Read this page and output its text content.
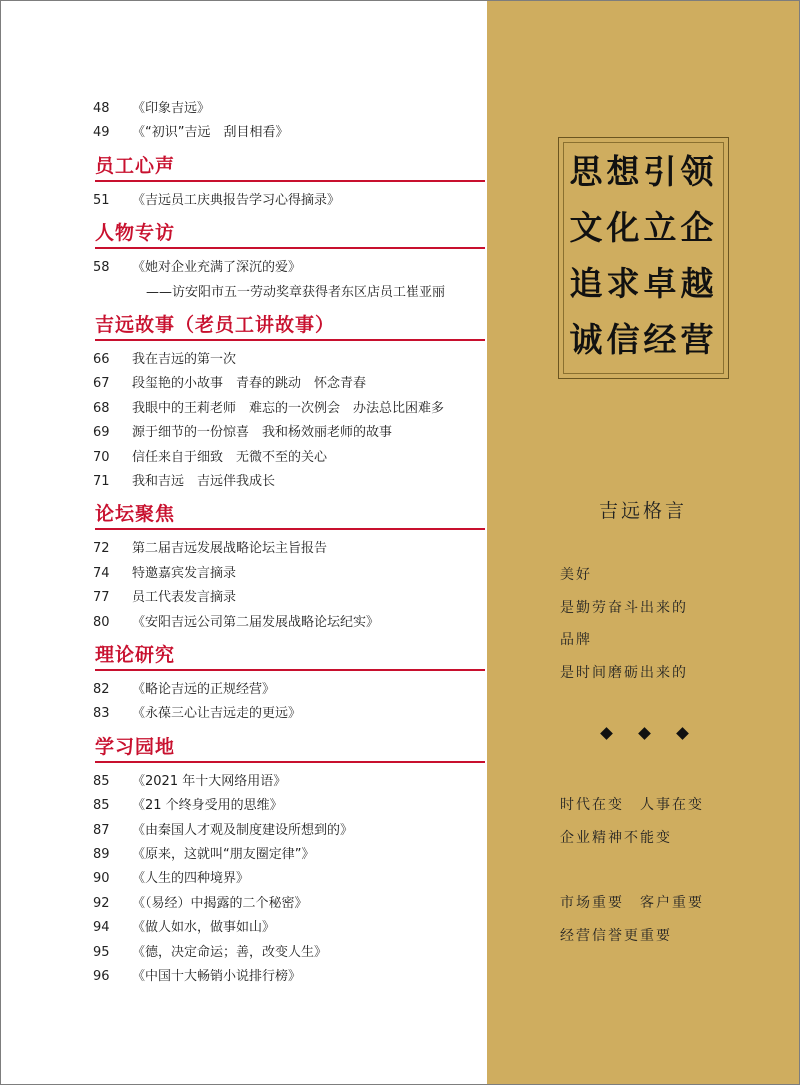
48	《印象吉远》
49	《“初识”吉远　刮目相看》
员工心声
51	《吉远员工庆典报告学习心得摘录》
人物专访
58	《她对企业充满了深沉的爱》
——访安阳市五一劳动奖章获得者东区店员工崔亚丽
吉远故事（老员工讲故事）
66	我在吉远的第一次
67	段玺艳的小故事　青春的跳动　怀念青春
68	我眼中的王莉老师　难忘的一次例会　办法总比困难多
69	源于细节的一份惊喜　我和杨效丽老师的故事
70	信任来自于细致　无微不至的关心
71	我和吉远　吉远伴我成长
论坛聚焦
72	第二届吉远发展战略论坛主旨报告
74	特邀嘉宾发言摘录
77	员工代表发言摘录
80	《安阳吉远公司第二届发展战略论坛纪实》
理论研究
82	《略论吉远的正规经营》
83	《永葆三心让吉远走的更远》
学习园地
85	《2021 年十大网络用语》
85	《21 个终身受用的思维》
87	《由秦国人才观及制度建设所想到的》
89	《原来，这就叫“朋友圈定律”》
90	《人生的四种境界》
92	《（易经）中揭露的二个秘密》
94	《做人如水，做事如山》
95	《德，决定命运；善，改变人生》
96	《中国十大畅销小说排行榜》
思想引领
文化立企
追求卓越
诚信经营
吉远格言
美好
是勤劳奋斗出来的
品牌
是时间磨砺出来的
时代在变　人事在变
企业精神不能变
市场重要　客户重要
经营信誉更重要
